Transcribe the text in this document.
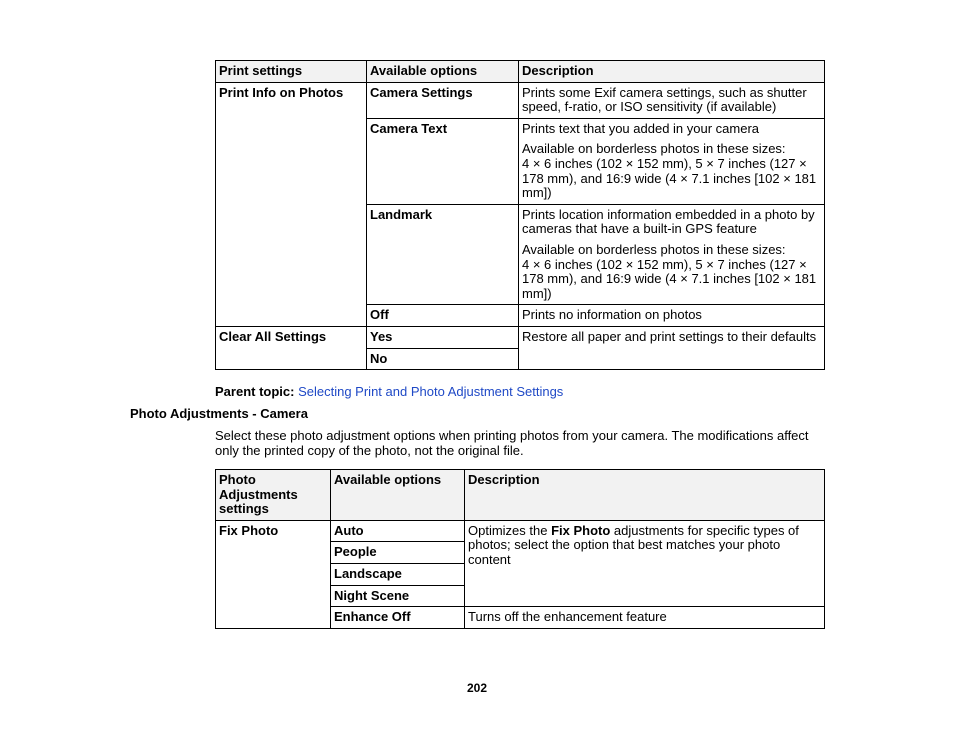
Print settings	Available options	Description
Print Info on Photos	Camera Settings	Prints some Exif camera settings, such as shutter speed, f-ratio, or ISO sensitivity (if available)
	Camera Text	Prints text that you added in your camera

Available on borderless photos in these sizes:

4 × 6 inches (102 × 152 mm), 5 × 7 inches (127 × 178 mm), and 16:9 wide (4 × 7.1 inches [102 × 181 mm])

	Landmark	Prints location information embedded in a photo by cameras that have a built-in GPS feature

Available on borderless photos in these sizes:

4 × 6 inches (102 × 152 mm), 5 × 7 inches (127 × 178 mm), and 16:9 wide (4 × 7.1 inches [102 × 181 mm])

	Off	Prints no information on photos
Clear All Settings	Yes	Restore all paper and print settings to their defaults
	No	
Parent topic: Selecting Print and Photo Adjustment Settings
Photo Adjustments - Camera
Select these photo adjustment options when printing photos from your camera. The modifications affect only the printed copy of the photo, not the original file.
Photo Adjustments settings	Available options	Description
Fix Photo	Auto	Optimizes the Fix Photo adjustments for specific types of photos; select the option that best matches your photo content
	People	
	Landscape	
	Night Scene	
	Enhance Off	Turns off the enhancement feature
202
